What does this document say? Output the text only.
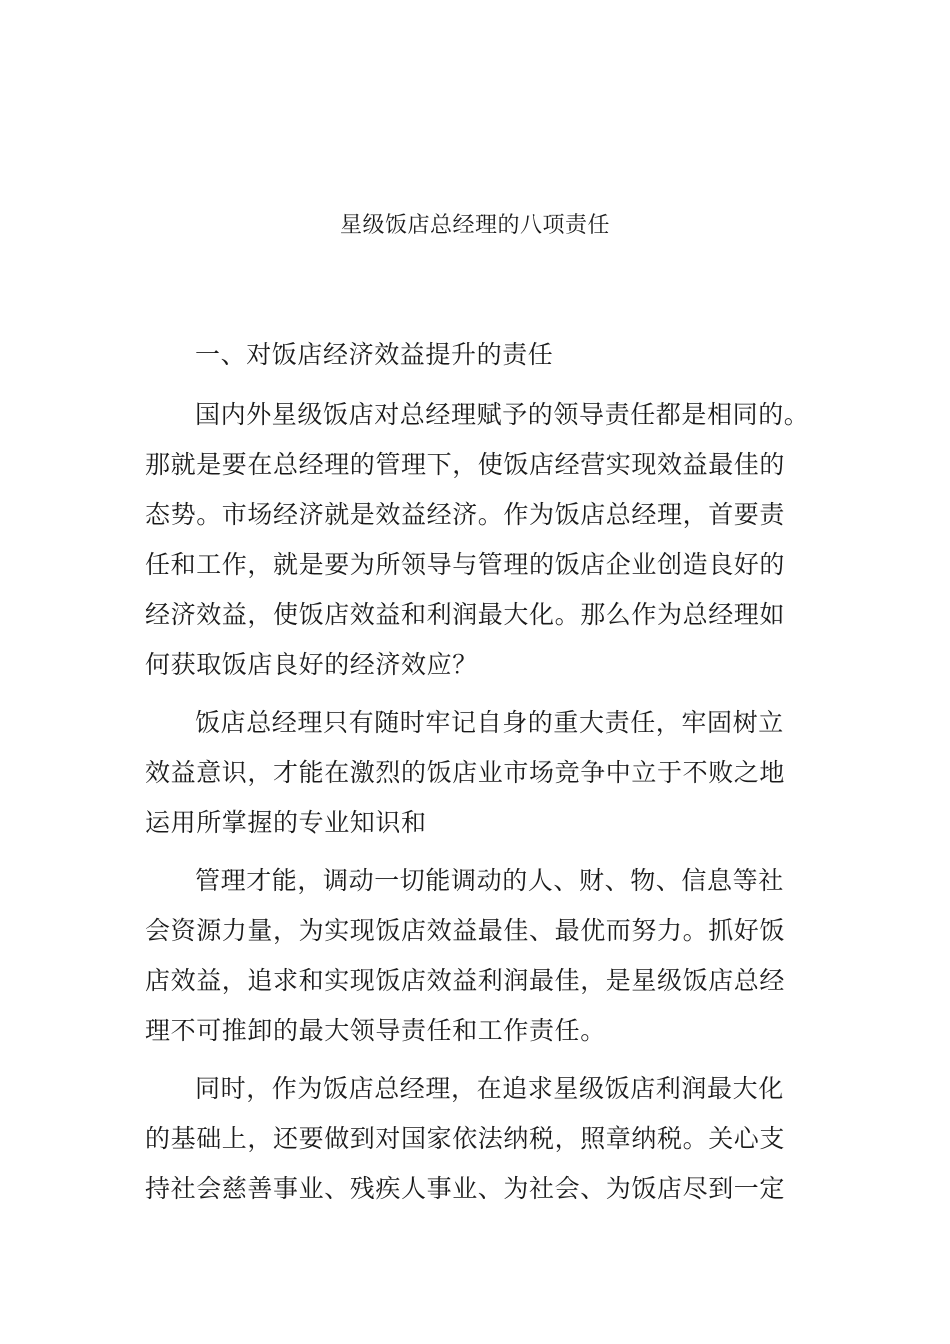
星级饭店总经理的八项责任

一、对饭店经济效益提升的责任

国内外星级饭店对总经理赋予的领导责任都是相同的。
那就是要在总经理的管理下，使饭店经营实现效益最佳的
态势。市场经济就是效益经济。作为饭店总经理，首要责
任和工作，就是要为所领导与管理的饭店企业创造良好的
经济效益，使饭店效益和利润最大化。那么作为总经理如
何获取饭店良好的经济效应？

饭店总经理只有随时牢记自身的重大责任，牢固树立
效益意识，才能在激烈的饭店业市场竞争中立于不败之地
运用所掌握的专业知识和

管理才能，调动一切能调动的人、财、物、信息等社
会资源力量，为实现饭店效益最佳、最优而努力。抓好饭
店效益，追求和实现饭店效益利润最佳，是星级饭店总经
理不可推卸的最大领导责任和工作责任。

同时，作为饭店总经理，在追求星级饭店利润最大化
的基础上，还要做到对国家依法纳税，照章纳税。关心支
持社会慈善事业、残疾人事业、为社会、为饭店尽到一定
